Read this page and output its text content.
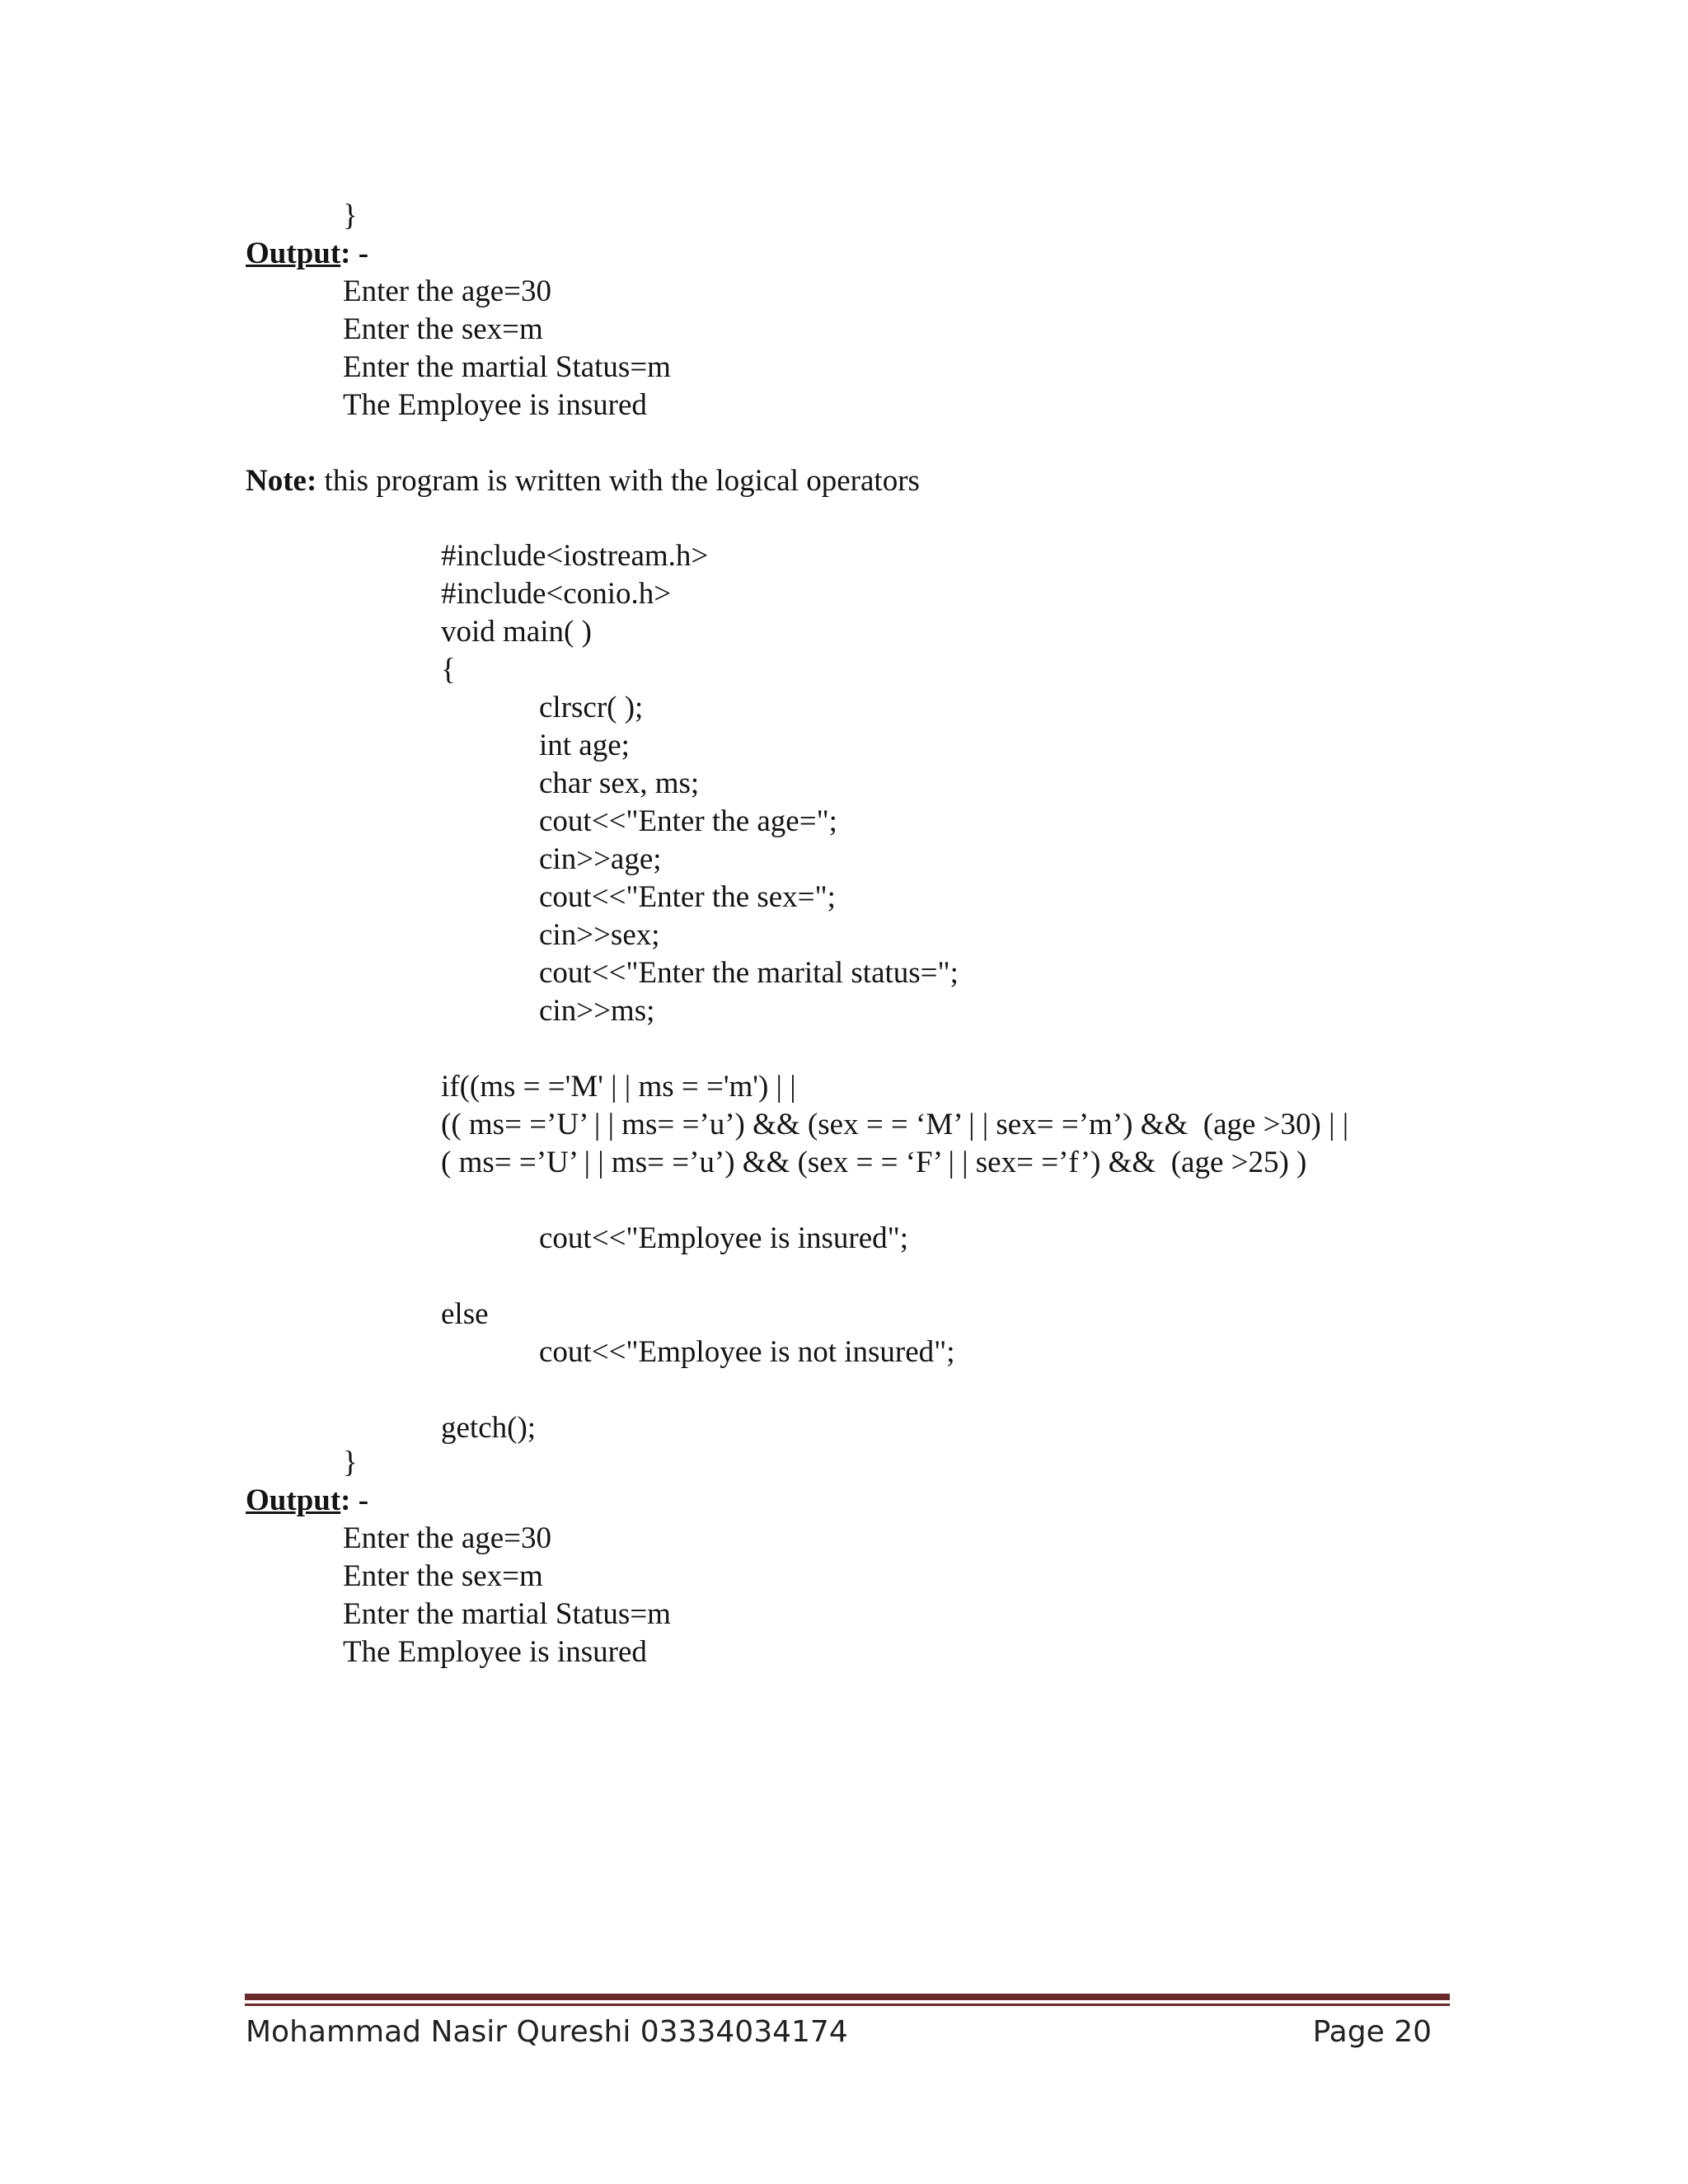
}
Output: -
Enter the age=30
Enter the sex=m
Enter the martial Status=m
The Employee is insured
Note: this program is written with the logical operators
#include<iostream.h>
#include<conio.h>
void main( )
{
clrscr( );
int age;
char sex, ms;
cout<<"Enter the age=";
cin>>age;
cout<<"Enter the sex=";
cin>>sex;
cout<<"Enter the marital status=";
cin>>ms;
if((ms = ='M' | | ms = ='m') | |
(( ms= =’U’ | | ms= =’u’) && (sex = = ‘M’ | | sex= =’m’) &&  (age >30) | |
( ms= =’U’ | | ms= =’u’) && (sex = = ‘F’ | | sex= =’f’) &&  (age >25) )
cout<<"Employee is insured";
else
cout<<"Employee is not insured";
getch();
}
Output: -
Enter the age=30
Enter the sex=m
Enter the martial Status=m
The Employee is insured
Mohammad Nasir Qureshi 03334034174	Page 20
